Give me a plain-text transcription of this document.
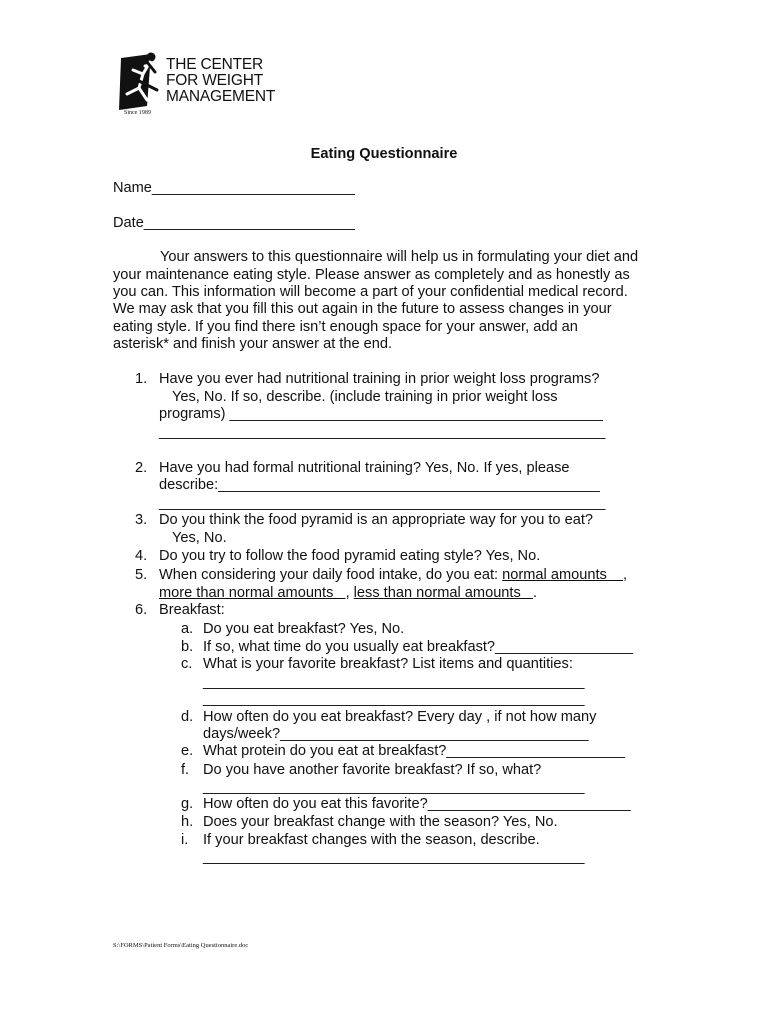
THE CENTER
FOR WEIGHT
MANAGEMENT
Since 1989
Eating Questionnaire
Name_________________________
Date__________________________
Your answers to this questionnaire will help us in formulating your diet and
your maintenance eating style. Please answer as completely and as honestly as
you can. This information will become a part of your confidential medical record.
We may ask that you fill this out again in the future to assess changes in your
eating style. If you find there isn’t enough space for your answer, add an
asterisk* and finish your answer at the end.
1. Have you ever had nutritional training in prior weight loss programs?
Yes, No. If so, describe. (include training in prior weight loss
programs) ______________________________________________
_______________________________________________________
2. Have you had formal nutritional training? Yes, No. If yes, please
describe:_______________________________________________
_______________________________________________________
3. Do you think the food pyramid is an appropriate way for you to eat?
Yes, No.
4. Do you try to follow the food pyramid eating style? Yes, No.
5. When considering your daily food intake, do you eat: normal amounts    ,
more than normal amounts   , less than normal amounts   .
6. Breakfast:
a. Do you eat breakfast? Yes, No.
b. If so, what time do you usually eat breakfast?_________________
c. What is your favorite breakfast? List items and quantities:
_______________________________________________
_______________________________________________
d. How often do you eat breakfast? Every day , if not how many
days/week?______________________________________
e. What protein do you eat at breakfast?______________________
f. Do you have another favorite breakfast? If so, what?
_______________________________________________
g. How often do you eat this favorite?_________________________
h. Does your breakfast change with the season? Yes, No.
i. If your breakfast changes with the season, describe.
_______________________________________________
S:\FORMS\Patient Forms\Eating Questionnaire.doc
